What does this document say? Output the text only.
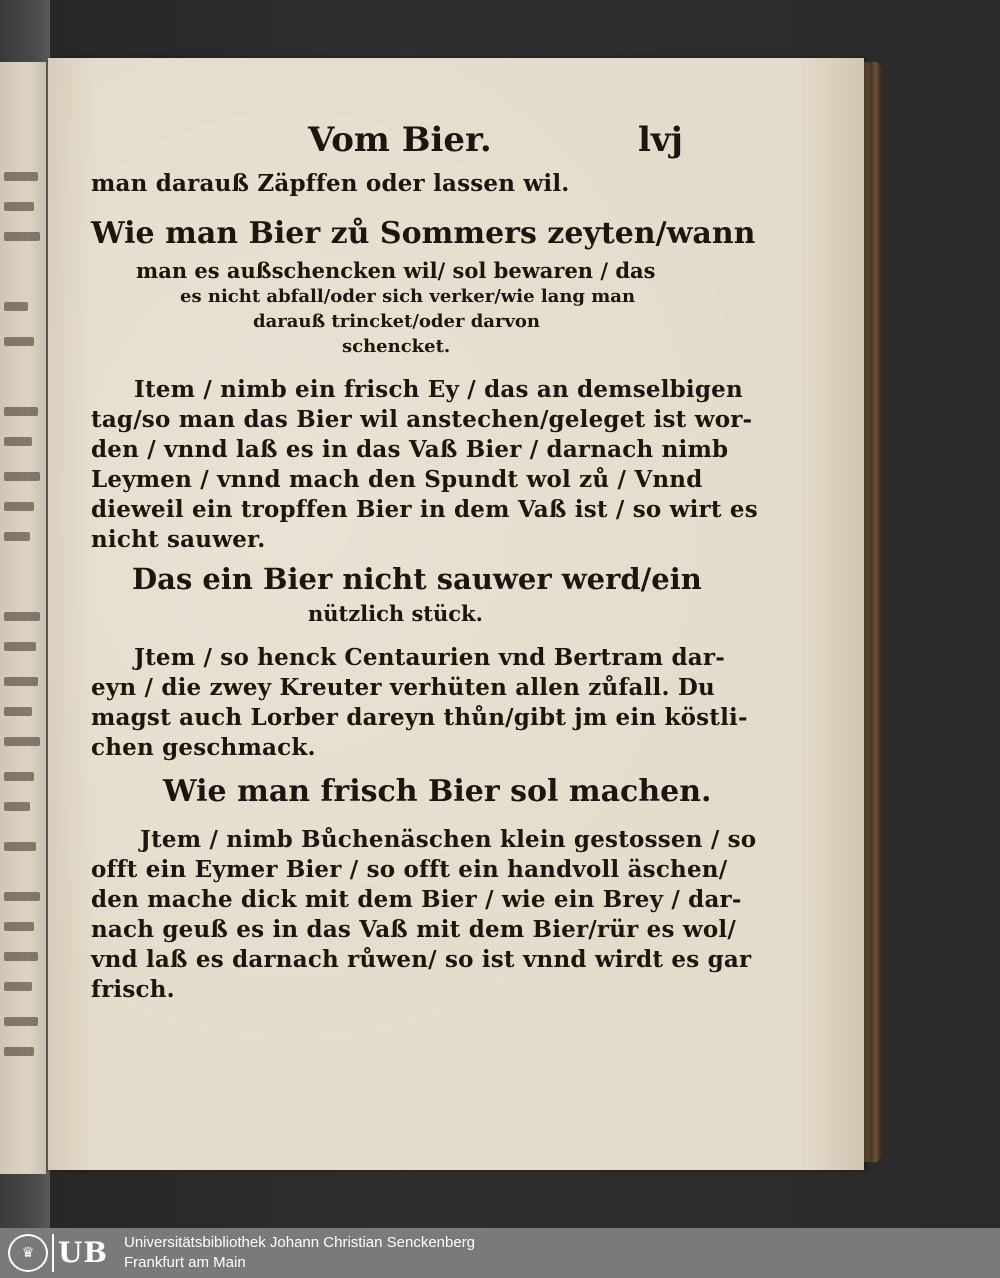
Vom Bier.	lvj
man darauß Zäpffen oder lassen wil.
Wie man Bier zů Sommers zeyten/wann
man es außschencken wil/ sol bewaren / das
es nicht abfall/oder sich verker/wie lang man
darauß trincket/oder darvon
schencket.
Item / nimb ein frisch Ey / das an demselbigen
tag/so man das Bier wil anstechen/geleget ist wor-
den / vnnd laß es in das Vaß Bier / darnach nimb
Leymen / vnnd mach den Spundt wol zů / Vnnd
dieweil ein tropffen Bier in dem Vaß ist / so wirt es
nicht sauwer.
Das ein Bier nicht sauwer werd/ein
nützlich stück.
Jtem / so henck Centaurien vnd Bertram dar-
eyn / die zwey Kreuter verhüten allen zůfall. Du
magst auch Lorber dareyn thůn/gibt jm ein köstli-
chen geschmack.
Wie man frisch Bier sol machen.
Jtem / nimb Bůchenäschen klein gestossen / so
offt ein Eymer Bier / so offt ein handvoll äschen/
den mache dick mit dem Bier / wie ein Brey / dar-
nach geuß es in das Vaß mit dem Bier/rür es wol/
vnd laß es darnach růwen/ so ist vnnd wirdt es gar
frisch.
♛ UB Universitätsbibliothek Johann Christian Senckenberg
Frankfurt am Main
